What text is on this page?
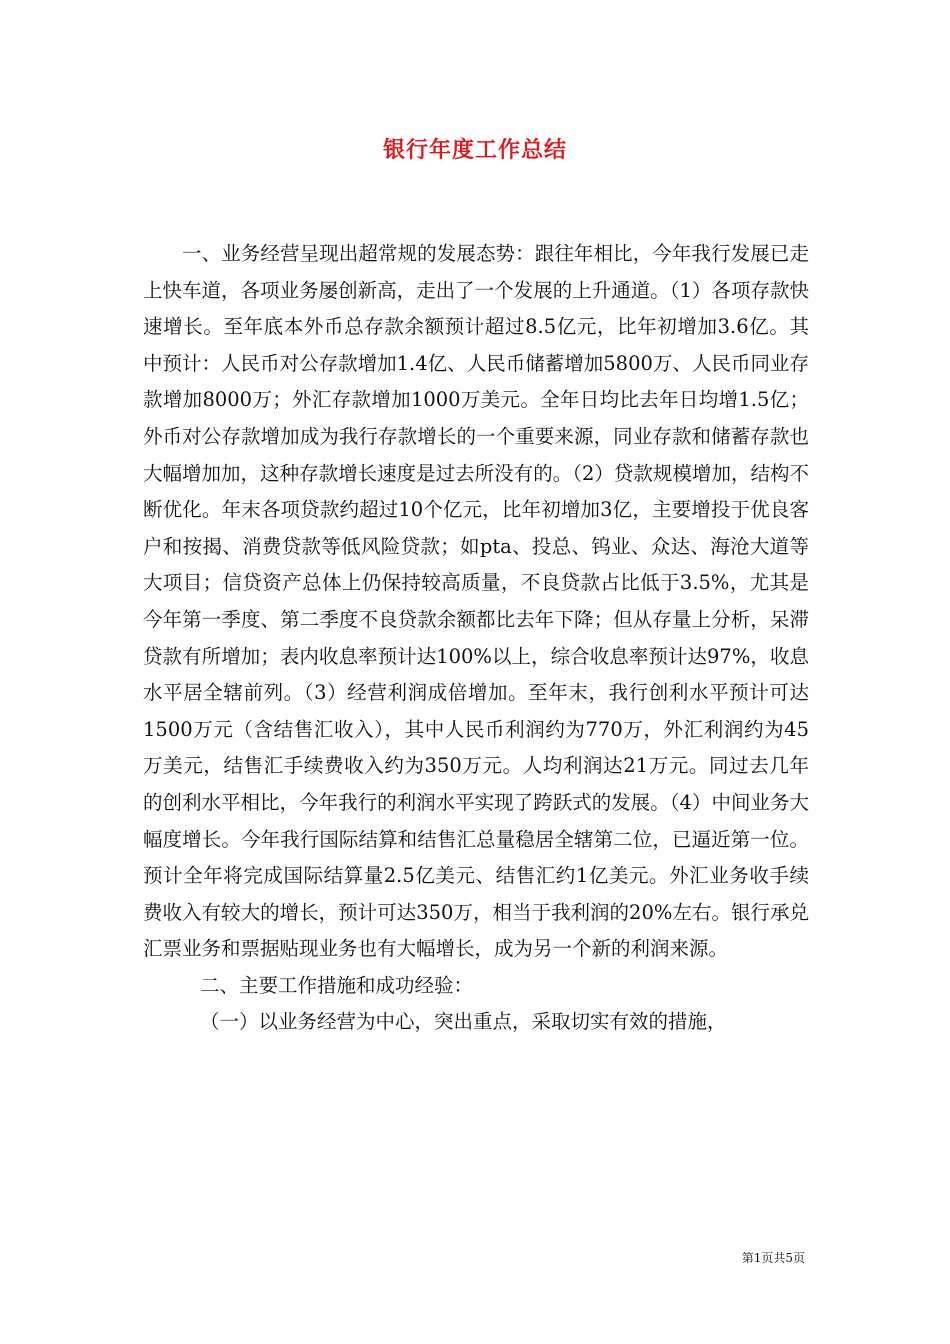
银行年度工作总结

一、业务经营呈现出超常规的发展态势：跟往年相比，今年我行发展已走上快车道，各项业务屡创新高，走出了一个发展的上升通道。（1）各项存款快速增长。至年底本外币总存款余额预计超过8.5亿元，比年初增加3.6亿。其中预计：人民币对公存款增加1.4亿、人民币储蓄增加5800万、人民币同业存款增加8000万；外汇存款增加1000万美元。全年日均比去年日均增1.5亿；外币对公存款增加成为我行存款增长的一个重要来源，同业存款和储蓄存款也大幅增加加，这种存款增长速度是过去所没有的。（2）贷款规模增加，结构不断优化。年末各项贷款约超过10个亿元，比年初增加3亿，主要增投于优良客户和按揭、消费贷款等低风险贷款；如pta、投总、钨业、众达、海沧大道等大项目；信贷资产总体上仍保持较高质量，不良贷款占比低于3.5%，尤其是今年第一季度、第二季度不良贷款余额都比去年下降；但从存量上分析，呆滞贷款有所增加；表内收息率预计达100%以上，综合收息率预计达97%，收息水平居全辖前列。（3）经营利润成倍增加。至年末，我行创利水平预计可达1500万元（含结售汇收入），其中人民币利润约为770万，外汇利润约为45万美元，结售汇手续费收入约为350万元。人均利润达21万元。同过去几年的创利水平相比，今年我行的利润水平实现了跨跃式的发展。（4）中间业务大幅度增长。今年我行国际结算和结售汇总量稳居全辖第二位，已逼近第一位。预计全年将完成国际结算量2.5亿美元、结售汇约1亿美元。外汇业务收手续费收入有较大的增长，预计可达350万，相当于我利润的20%左右。银行承兑汇票业务和票据贴现业务也有大幅增长，成为另一个新的利润来源。

二、主要工作措施和成功经验：

（一）以业务经营为中心，突出重点，采取切实有效的措施，

第1页共5页
